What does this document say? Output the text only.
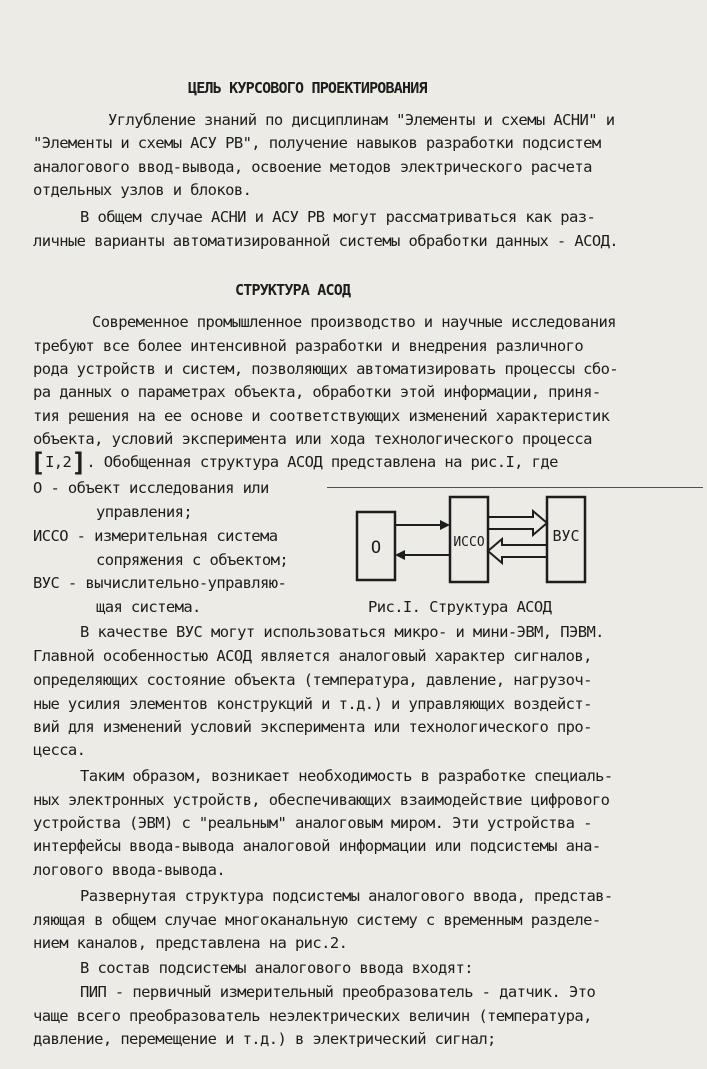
ЦЕЛЬ КУРСОВОГО ПРОЕКТИРОВАНИЯ
Углубление знаний по дисциплинам "Элементы и схемы АСНИ" и
"Элементы и схемы АСУ РВ", получение навыков разработки подсистем
аналогового ввод-вывода, освоение методов электрического расчета
отдельных узлов и блоков.
В общем случае АСНИ и АСУ РВ могут рассматриваться как раз-
личные варианты автоматизированной системы обработки данных - АСОД.
СТРУКТУРА АСОД
Современное промышленное производство и научные исследования
требуют все более интенсивной разработки и внедрения различного
рода устройств и систем, позволяющих автоматизировать процессы сбо-
ра данных о параметрах объекта, обработки этой информации, приня-
тия решения на ее основе и соответствующих изменений характеристик
объекта, условий эксперимента или хода технологического процесса
[I,2]. Обобщенная структура АСОД представлена на рис.I, где
О - объект исследования или
управления;
ИССО - измерительная система
сопряжения с объектом;
ВУС - вычислительно-управляю-
щая система.
О	ИССО	ВУС
Рис.I. Структура АСОД
В качестве ВУС могут использоваться микро- и мини-ЭВМ, ПЭВМ.
Главной особенностью АСОД является аналоговый характер сигналов,
определяющих состояние объекта (температура, давление, нагрузоч-
ные усилия элементов конструкций и т.д.) и управляющих воздейст-
вий для изменений условий эксперимента или технологического про-
цесса.
Таким образом, возникает необходимость в разработке специаль-
ных электронных устройств, обеспечивающих взаимодействие цифрового
устройства (ЭВМ) с "реальным" аналоговым миром. Эти устройства -
интерфейсы ввода-вывода аналоговой информации или подсистемы ана-
логового ввода-вывода.
Развернутая структура подсистемы аналогового ввода, представ-
ляющая в общем случае многоканальную систему с временным разделе-
нием каналов, представлена на рис.2.
В состав подсистемы аналогового ввода входят:
ПИП - первичный измерительный преобразователь - датчик. Это
чаще всего преобразователь неэлектрических величин (температура,
давление, перемещение и т.д.) в электрический сигнал;
